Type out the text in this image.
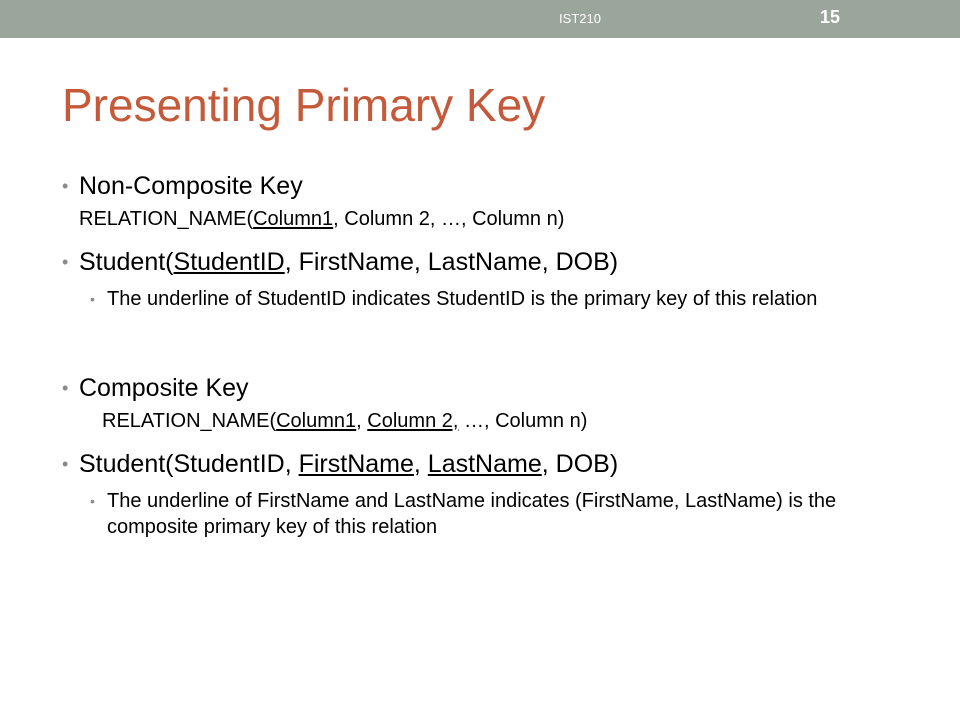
IST210	15
Presenting Primary Key
• Non-Composite Key
RELATION_NAME(Column1, Column 2, …, Column n)
• Student(StudentID, FirstName, LastName, DOB)
• The underline of StudentID indicates StudentID is the primary key of this relation
• Composite Key
RELATION_NAME(Column1, Column 2, …, Column n)
• Student(StudentID, FirstName, LastName, DOB)
• The underline of FirstName and LastName indicates (FirstName, LastName) is the composite primary key of this relation
